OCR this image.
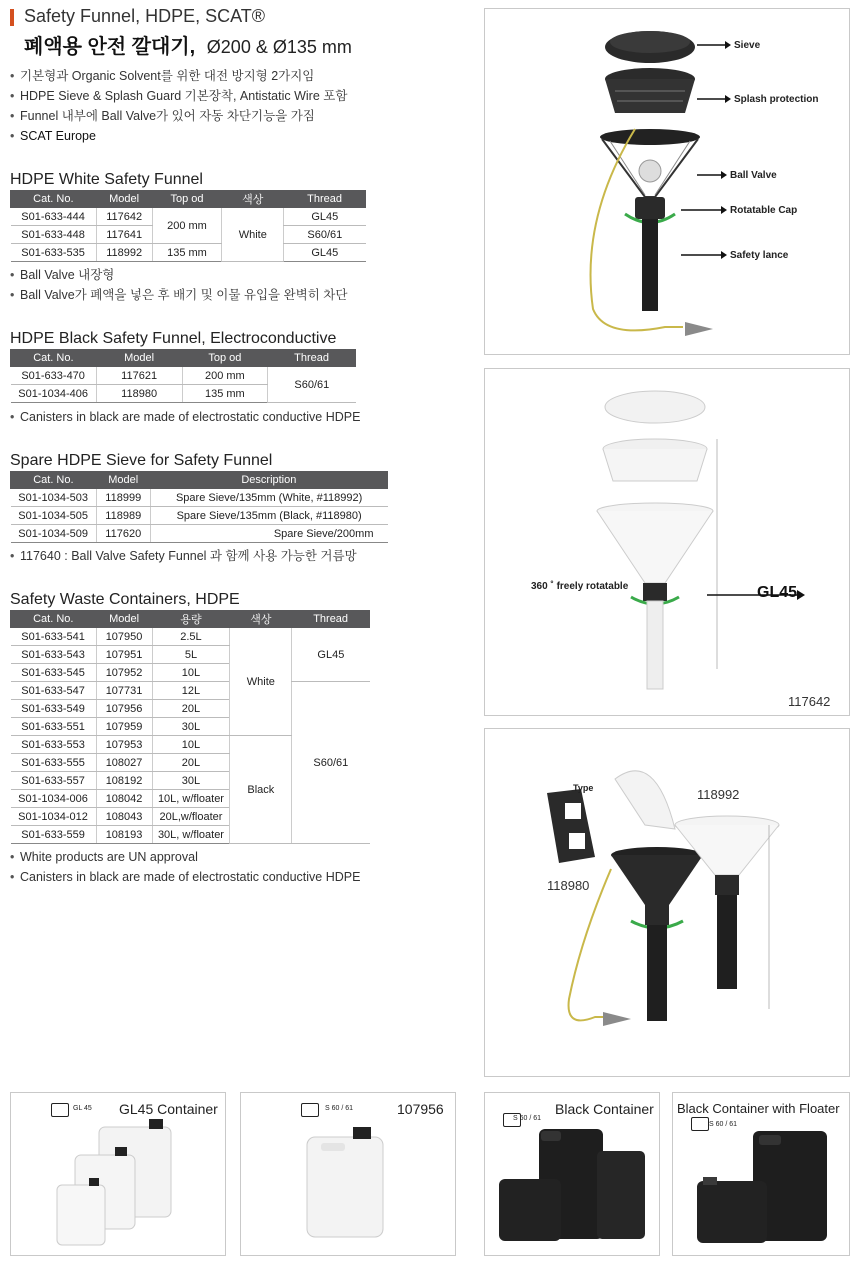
Safety Funnel, HDPE, SCAT®
폐액용 안전 깔대기, Ø200 & Ø135 mm
• 기본형과 Organic Solvent를 위한 대전 방지형 2가지임
• HDPE Sieve & Splash Guard 기본장착, Antistatic Wire 포함
• Funnel 내부에 Ball Valve가 있어 자동 차단기능을 가짐
• SCAT Europe
HDPE White Safety Funnel
Cat. No.	Model	Top od	색상	Thread
S01-633-444	117642	200 mm	White	GL45
S01-633-448	117641			S60/61
S01-633-535	118992	135 mm		GL45
• Ball Valve 내장형
• Ball Valve가 폐액을 넣은 후 배기 및 이물 유입을 완벽히 차단
HDPE Black Safety Funnel, Electroconductive
Cat. No.	Model	Top od	Thread
S01-633-470	117621	200 mm	S60/61
S01-1034-406	118980	135 mm	
• Canisters in black are made of electrostatic conductive HDPE
Spare HDPE Sieve for Safety Funnel
Cat. No.	Model	Description
S01-1034-503	118999	Spare Sieve/135mm (White, #118992)
S01-1034-505	118989	Spare Sieve/135mm (Black, #118980)
S01-1034-509	117620	Spare Sieve/200mm
• 117640 : Ball Valve Safety Funnel 과 함께 사용 가능한 거름망
Safety Waste Containers, HDPE
Cat. No.	Model	용량	색상	Thread
S01-633-541	107950	2.5L	White	GL45
S01-633-543	107951	5L		
S01-633-545	107952	10L		
S01-633-547	107731	12L		S60/61
S01-633-549	107956	20L		
S01-633-551	107959	30L		
S01-633-553	107953	10L	Black	
S01-633-555	108027	20L		
S01-633-557	108192	30L		
S01-1034-006	108042	10L, w/floater		
S01-1034-012	108043	20L,w/floater		
S01-633-559	108193	30L, w/floater		
• White products are UN approval
• Canisters in black are made of electrostatic conductive HDPE
Sieve
Splash protection
Ball Valve
Rotatable Cap
Safety lance
360 ˚ freely rotatable	GL45
117642
Type	118992
118980
GL 45 GL45 Container	S 60 / 61	107956
S 60 / 61
Black Container
S 60 / 61
Black Container with Floater
